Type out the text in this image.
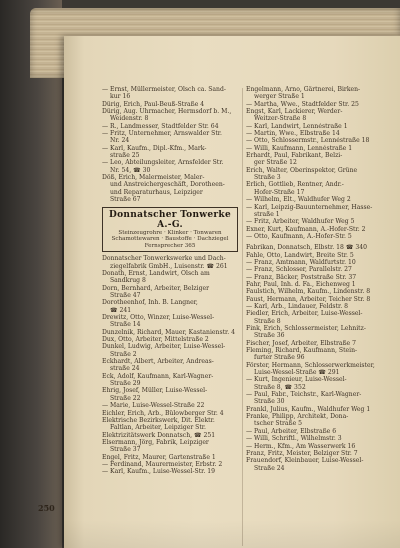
— Ernst, Müllermeister, Olsch ca. Sand-
kur 16
Dürig, Erich, Paul-Beuß-Straße 4
Dürig, Aug. Uhrmacher, Hermsdorf b. M.,
Weidenstr. 8
— R., Landmesser, Stadtfelder Str. 64
— Fritz, Unternehmer, Arnswalder Str.
Nr. 24
— Karl, Kaufm., Dipl.-Kfm., Mark-
straße 25
— Leo, Abteilungsleiter, Arnsfelder Str.
Nr. 54, ☎ 30
Döß, Erich, Malermeister, Maler-
und Anstreichergeschäft, Dorotheen-
und Reparaturhaus, Leipziger
Straße 67
Donnatscher Tonwerke A.-G.
Steinzeugrohre · Klinker · Tonwaren
Schamottewaren · Baustoffe · Dachziegel
Fernsprecher 365
Donnatscher Tonwerkswerke und Dach-
ziegelfabrik GmbH., Luisenstr. ☎ 261
Donath, Ernst, Landwirt, Olsch am
Sandkrug 8
Dorn, Bernhard, Arbeiter, Belziger
Straße 47
Dorotheenhof, Inh. B. Langner,
☎ 241
Drewitz, Otto, Winzer, Luise-Wessel-
Straße 14
Dunzelnik, Richard, Mauer, Kastanienstr. 4
Dux, Otto, Arbeiter, Mittelstraße 2
Dunkel, Ludwig, Arbeiter, Luise-Wessel-
Straße 2
Eckhardt, Albert, Arbeiter, Andreas-
straße 24
Eck, Adolf, Kaufmann, Karl-Wagner-
Straße 29
Ehrig, Josef, Müller, Luise-Wessel-
Straße 22
— Marie, Luise-Wessel-Straße 22
Eichler, Erich, Arb., Bülowberger Str. 4
Elektrische Bezirkswerk, Dit. Elektr.
Faltlan, Arbeiter, Leipziger Str.
Elektrizitätswerk Donnatsch, ☎ 251
Elsermann, Jörg, Fabrik, Leipziger
Straße 37
Engel, Fritz, Maurer, Gartenstraße 1
— Ferdinand, Maurermeister, Erbstr. 2
— Karl, Kaufm., Luise-Wessel-Str. 19
Engelmann, Arno, Gärtnerei, Birken-
werger Straße 1
— Martha, Wwe., Stadtfelder Str. 25
Engst, Karl, Lackierer, Werder-
Weitzer-Straße 8
— Karl, Landwirt, Lennéstraße 1
— Martin, Wwe., Elbstraße 14
— Otto, Schlossermstr., Lennéstraße 18
— Willi, Kaufmann, Lennéstraße 1
Erhardt, Paul, Fabrikant, Belzi-
ger Straße 12
Erich, Walter, Oberinspektor, Grüne
Straße 3
Erlich, Gottlieb, Rentner, Andr.-
Hofer-Straße 17
— Wilhelm, Elt., Waldhufer Weg 2
— Karl, Leipzig-Bauunternehmer, Hasse-
straße 1
— Fritz, Arbeiter, Waldhufer Weg 5
Exner, Kurt, Kaufmann, A.-Hofer-Str. 2
— Otto, Kaufmann, A.-Hofer-Str. 5
Fabrikan, Donnatsch, Elbstr. 18 ☎ 340
Fahle, Otto, Landwirt, Breite Str. 5
— Franz, Amtmann, Waldfurtstr. 10
— Franz, Schlosser, Parallelstr. 27
— Franz, Bäcker, Poststraße Str. 37
Fahr, Paul, Inh. d. Fa., Eichenweg 1
Faulstich, Wilhelm, Kaufm., Lindenstr. 8
Faust, Hermann, Arbeiter, Teicher Str. 8
— Karl, Arb., Lindauer, Feldstr. 8
Fiedler, Erich, Arbeiter, Luise-Wessel-
Straße 8
Fink, Erich, Schlossermeister, Lehnitz-
Straße 36
Fischer, Josef, Arbeiter, Elbstraße 7
Fleming, Richard, Kaufmann, Stein-
furter Straße 96
Förster, Hermann, Schlosserwerkmeister,
Luise-Wessel-Straße ☎ 291
— Kurt, Ingenieur, Luise-Wessel-
Straße 8, ☎ 352
— Paul, Fabr., Teichstr., Karl-Wagner-
Straße 30
Frankl, Julius, Kaufm., Waldhufer Weg 1
Franke, Philipp, Architekt, Dona-
tscher Straße 5
— Paul, Arbeiter, Elbstraße 6
— Willi, Schriftl., Wilhelmstr. 3
— Herm., Kfm., Am Wasserwerk 16
Franz, Fritz, Meister, Belziger Str. 7
Frauendorf, Kleinbauer, Luise-Wessel-
Straße 24
250
